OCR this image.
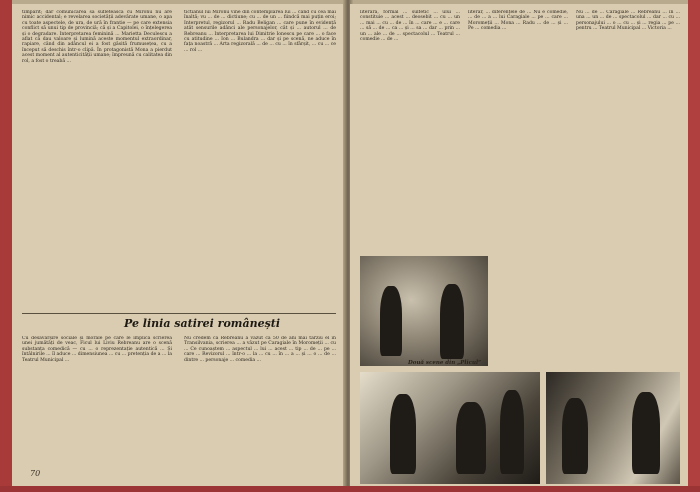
timpărit; dar comunicarea să sufletească cu Mironu nu are nimic accidental; e revelarea societății adevărate umane, o apa cu toate aspectele, de ura, de ură în frantie — pe care extensia conflict să unui tip de provinciă; că și a Capitolei, o înțelegerea și o degradare. Interpretarea feminină ... Marietta Deculescu a aflat că dau valoare și lumină aceste momentul extraordinar, rapiare, când din adâncul ei a fost găsită frumusețea, cu a început să deschis într-o clipă. În protagonistă Mona a pierdut acest moment al autenticității umane; împreună cu calitatea din rol, a fost o treabă ...

tictianul lui Mironu vine din contemplarea lui ... când cu cea mai înaltă; vu ... de ... dictiune; cu ... de un ... fiindcă mai puțin eroi; Interpretul, regizorul ... Radu Beligan ... care pune în evidență atât sensurile adânci ale personajelor, cât și ... autorul ... de Rebreanu ... Interpretarea lui Dimitrie Ionescu pe care ... o face cu atitudine ... Ion ... Bulandra ... dar și pe scenă, ne aduce în fața noastră ... Arta regizorală ... de ... cu ... în sfârșit, ... cu ... ce ... rol ...

Pe linia satirei românești

Cu desăvârșire sociale și morale pe care le implică scrierea unei jumătăți de veac, Ficul lui Liviu Rebreanu are o scenă substanța comedică — cu ... o reprezentație autentică ... Și întâlnirile ... îl aduce ... dimensiunea ... cu ... pretenția de a ... la Teatrul Municipal ...

Nu credem că Rebreanu a văzut ca 50 de ani mai târziu el în Transilvania, scrierea ... a văzut pe Caragiale în Moromeții ... cu ... Ce cunoaștem ... aspectul ... lui ... acest ... tip ... de ... pe ... care ... Revizorul ... într-o ... la ... cu ... în ... a ... și ... o ... de ... dintre ... personaje ... comedia ...

70

literară, formal ... sulfetic ... ului ... constituie ... acest ... deosebit ... cu ... un ... mai ... cu ... de ... în ... care ... e ... care ... să ... de ... ca ... și ... sa ... dar ... prin ... un ... ale ... de ... spectacolul ... Teatrul ... comedie ... de ...

literar, ... diferențele de ... Nu e comedie, ... de ... a ... lui Caragiale ... pe ... care ... Moromeții ... Mona ... Radu ... de ... și ... Pe ... comedia ...

Nu ... de ... Caragiale ... Rebreanu ... în ... una ... un ... de ... spectacolul ... dar ... cu ... personajului ... o ... cu ... și ... regia ... pe ... pentru ... Teatrul Municipal ... Victoria ...

Două scene din „Plicul”
